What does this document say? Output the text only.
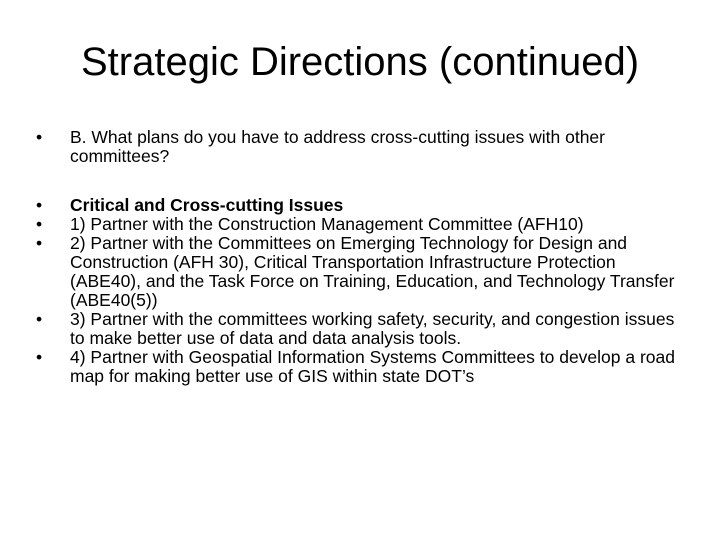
Strategic Directions (continued)
• B. What plans do you have to address cross-cutting issues with other committees?
• Critical and Cross-cutting Issues
• 1) Partner with the Construction Management Committee (AFH10)
• 2) Partner with the Committees on Emerging Technology for Design and Construction (AFH 30), Critical Transportation Infrastructure Protection (ABE40), and the Task Force on Training, Education, and Technology Transfer (ABE40(5))
• 3) Partner with the committees working safety, security, and congestion issues to make better use of data and data analysis tools.
• 4) Partner with Geospatial Information Systems Committees to develop a road map for making better use of GIS within state DOT’s
